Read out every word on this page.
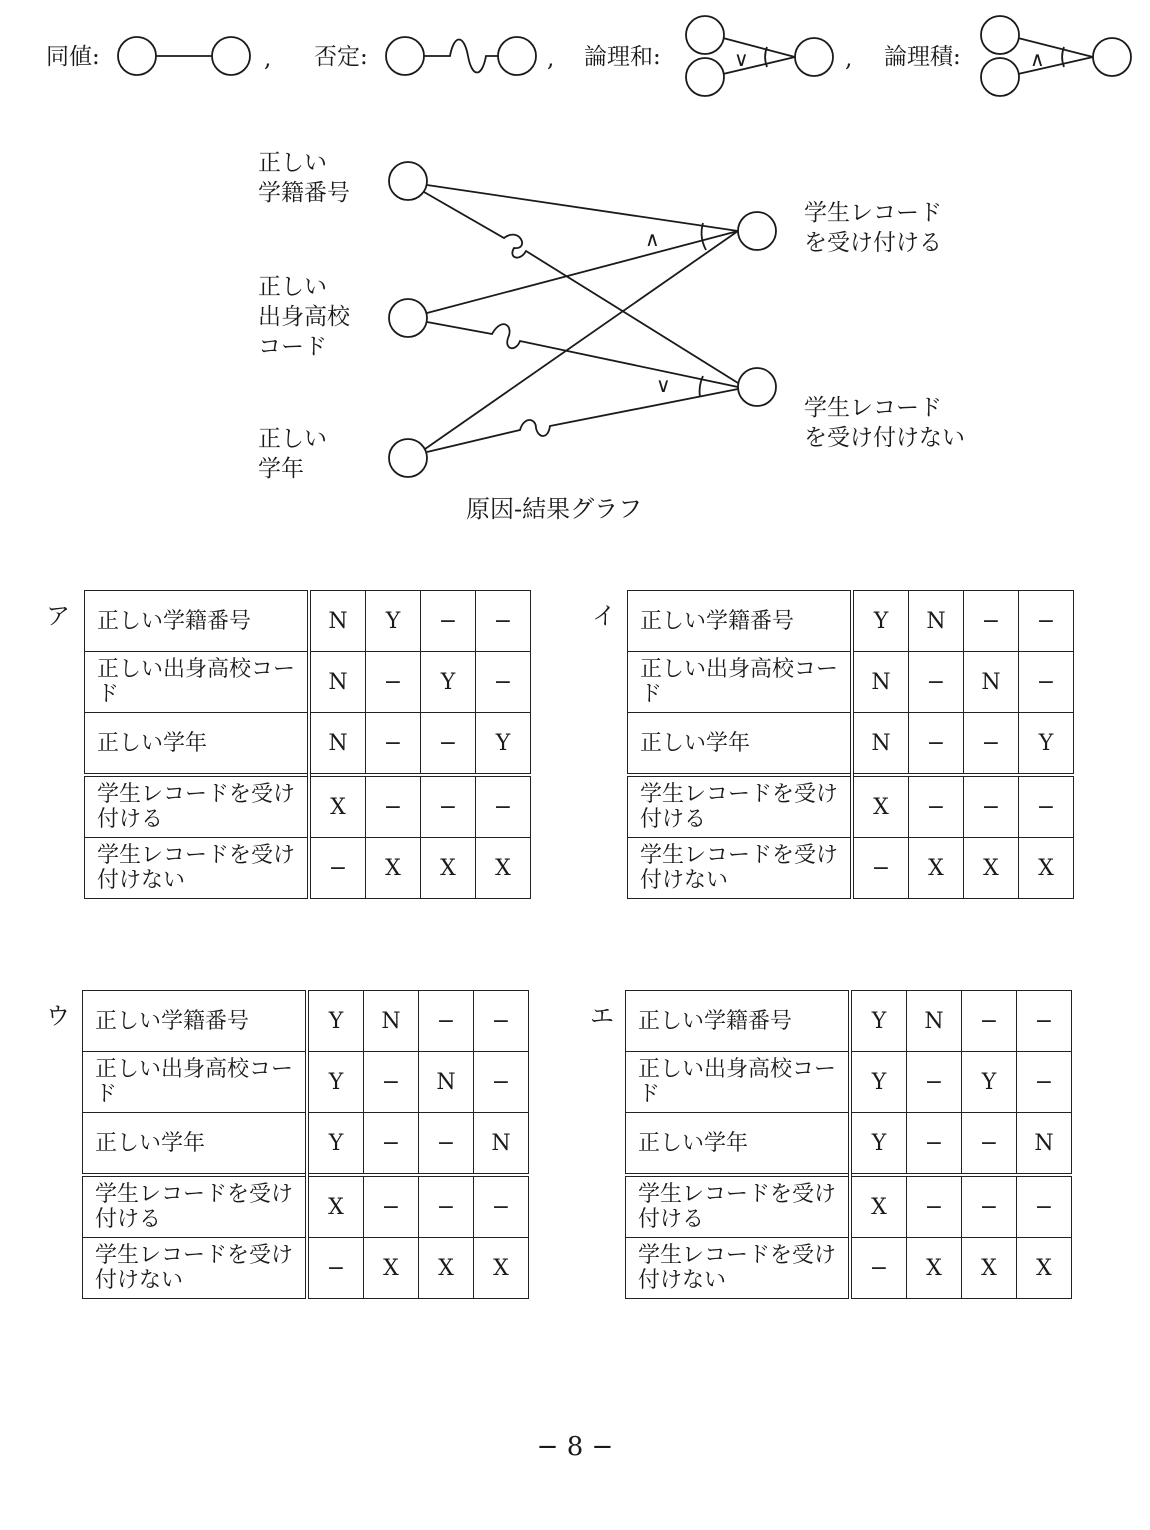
同値:	, 否定:	, 論理和:	∨	, 論理積:	∧
∧
∨
正しい
学籍番号
正しい
出身高校
コード
正しい
学年
学生レコード
を受け付ける
学生レコード
を受け付けない
原因‐結果グラフ
ア 正しい学籍番号	N	Y	−	−
正しい出身高校コード	N	−	Y	−
正しい学年	N	−	−	Y
学生レコードを受け付ける	X	−	−	−
学生レコードを受け付けない	−	X	X	X
イ 正しい学籍番号	Y	N	−	−
正しい出身高校コード	N	−	N	−
正しい学年	N	−	−	Y
学生レコードを受け付ける	X	−	−	−
学生レコードを受け付けない	−	X	X	X
ウ 正しい学籍番号	Y	N	−	−
正しい出身高校コード	Y	−	N	−
正しい学年	Y	−	−	N
学生レコードを受け付ける	X	−	−	−
学生レコードを受け付けない	−	X	X	X
エ 正しい学籍番号	Y	N	−	−
正しい出身高校コード	Y	−	Y	−
正しい学年	Y	−	−	N
学生レコードを受け付ける	X	−	−	−
学生レコードを受け付けない	−	X	X	X
− 8 −
